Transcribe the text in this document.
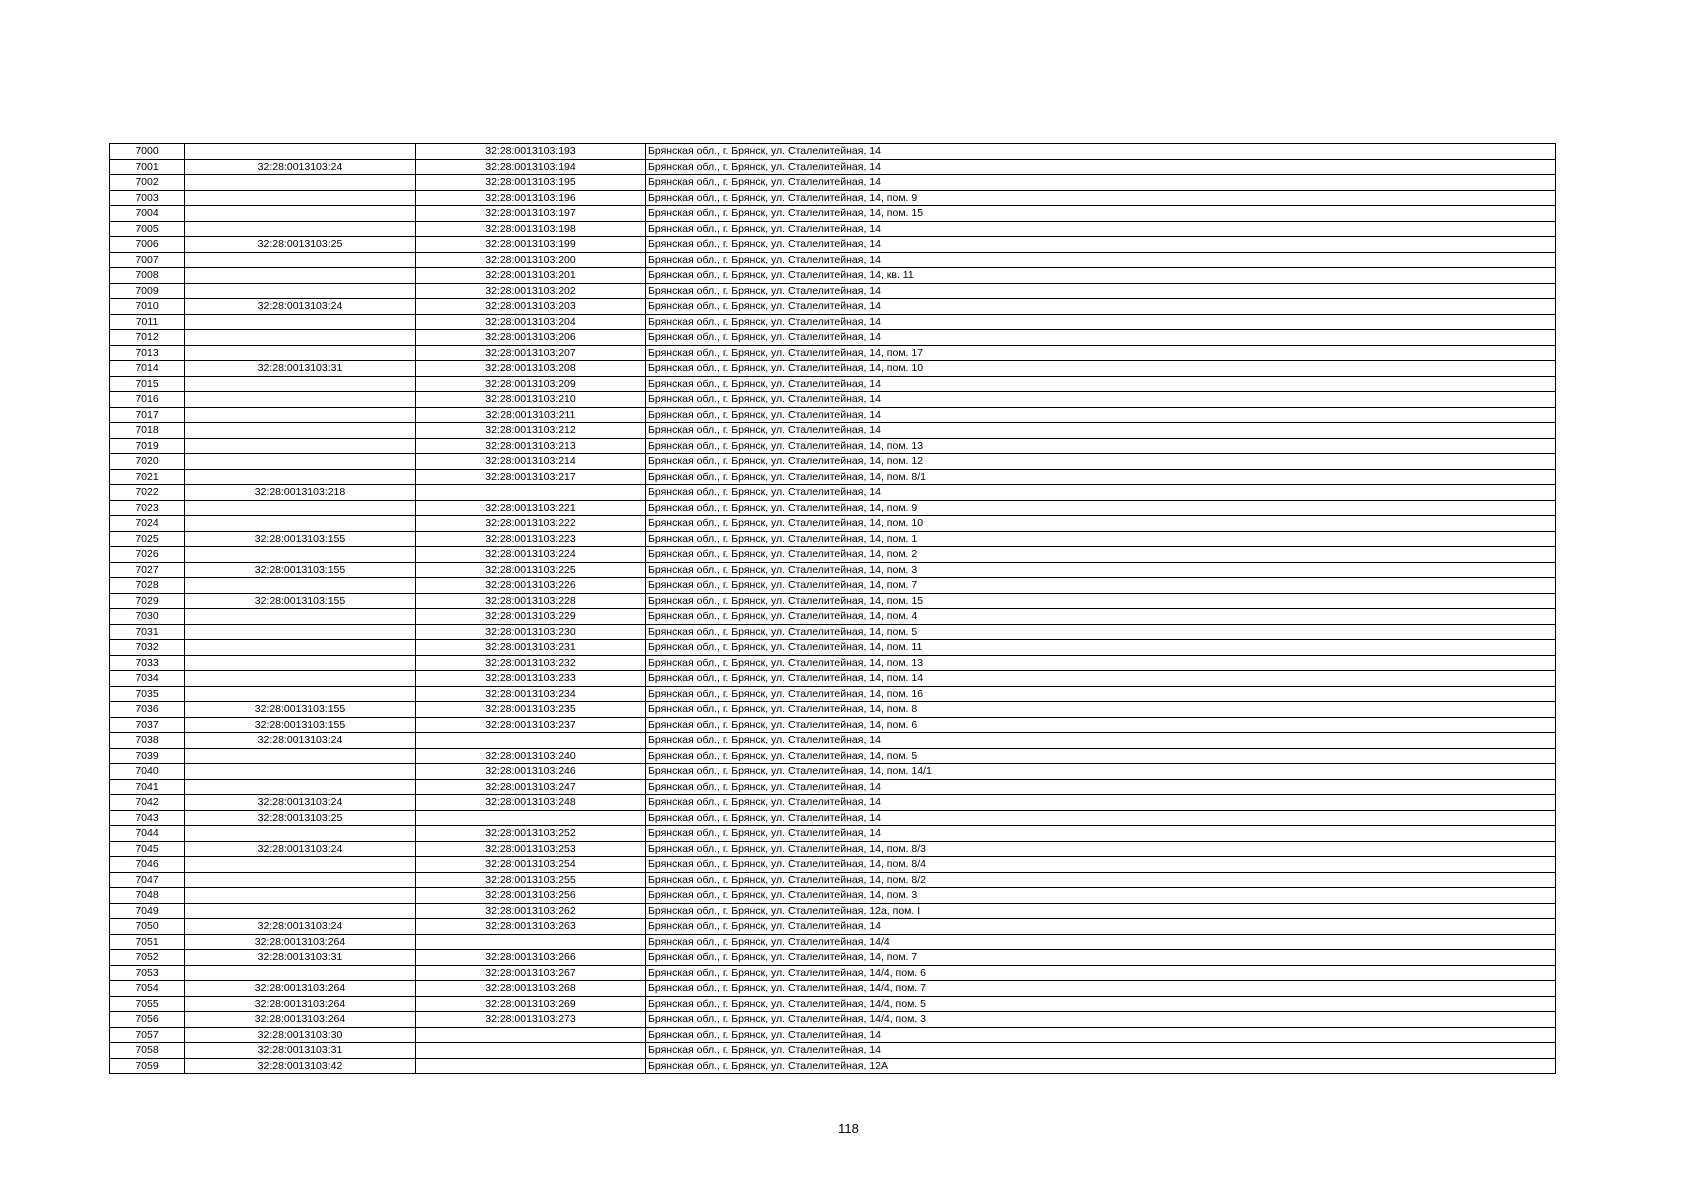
7000		32:28:0013103:193	Брянская обл., г. Брянск, ул. Сталелитейная, 14
7001	32:28:0013103:24	32:28:0013103:194	Брянская обл., г. Брянск, ул. Сталелитейная, 14
7002		32:28:0013103:195	Брянская обл., г. Брянск, ул. Сталелитейная, 14
7003		32:28:0013103:196	Брянская обл., г. Брянск, ул. Сталелитейная, 14, пом. 9
7004		32:28:0013103:197	Брянская обл., г. Брянск, ул. Сталелитейная, 14, пом. 15
7005		32:28:0013103:198	Брянская обл., г. Брянск, ул. Сталелитейная, 14
7006	32:28:0013103:25	32:28:0013103:199	Брянская обл., г. Брянск, ул. Сталелитейная, 14
7007		32:28:0013103:200	Брянская обл., г. Брянск, ул. Сталелитейная, 14
7008		32:28:0013103:201	Брянская обл., г. Брянск, ул. Сталелитейная, 14, кв. 11
7009		32:28:0013103:202	Брянская обл., г. Брянск, ул. Сталелитейная, 14
7010	32:28:0013103:24	32:28:0013103:203	Брянская обл., г. Брянск, ул. Сталелитейная, 14
7011		32:28:0013103:204	Брянская обл., г. Брянск, ул. Сталелитейная, 14
7012		32:28:0013103:206	Брянская обл., г. Брянск, ул. Сталелитейная, 14
7013		32:28:0013103:207	Брянская обл., г. Брянск, ул. Сталелитейная, 14, пом. 17
7014	32:28:0013103:31	32:28:0013103:208	Брянская обл., г. Брянск, ул. Сталелитейная, 14, пом. 10
7015		32:28:0013103:209	Брянская обл., г. Брянск, ул. Сталелитейная, 14
7016		32:28:0013103:210	Брянская обл., г. Брянск, ул. Сталелитейная, 14
7017		32:28:0013103:211	Брянская обл., г. Брянск, ул. Сталелитейная, 14
7018		32:28:0013103:212	Брянская обл., г. Брянск, ул. Сталелитейная, 14
7019		32:28:0013103:213	Брянская обл., г. Брянск, ул. Сталелитейная, 14, пом. 13
7020		32:28:0013103:214	Брянская обл., г. Брянск, ул. Сталелитейная, 14, пом. 12
7021		32:28:0013103:217	Брянская обл., г. Брянск, ул. Сталелитейная, 14, пом. 8/1
7022	32:28:0013103:218		Брянская обл., г. Брянск, ул. Сталелитейная, 14
7023		32:28:0013103:221	Брянская обл., г. Брянск, ул. Сталелитейная, 14, пом. 9
7024		32:28:0013103:222	Брянская обл., г. Брянск, ул. Сталелитейная, 14, пом. 10
7025	32:28:0013103:155	32:28:0013103:223	Брянская обл., г. Брянск, ул. Сталелитейная, 14, пом. 1
7026		32:28:0013103:224	Брянская обл., г. Брянск, ул. Сталелитейная, 14, пом. 2
7027	32:28:0013103:155	32:28:0013103:225	Брянская обл., г. Брянск, ул. Сталелитейная, 14, пом. 3
7028		32:28:0013103:226	Брянская обл., г. Брянск, ул. Сталелитейная, 14, пом. 7
7029	32:28:0013103:155	32:28:0013103:228	Брянская обл., г. Брянск, ул. Сталелитейная, 14, пом. 15
7030		32:28:0013103:229	Брянская обл., г. Брянск, ул. Сталелитейная, 14, пом. 4
7031		32:28:0013103:230	Брянская обл., г. Брянск, ул. Сталелитейная, 14, пом. 5
7032		32:28:0013103:231	Брянская обл., г. Брянск, ул. Сталелитейная, 14, пом. 11
7033		32:28:0013103:232	Брянская обл., г. Брянск, ул. Сталелитейная, 14, пом. 13
7034		32:28:0013103:233	Брянская обл., г. Брянск, ул. Сталелитейная, 14, пом. 14
7035		32:28:0013103:234	Брянская обл., г. Брянск, ул. Сталелитейная, 14, пом. 16
7036	32:28:0013103:155	32:28:0013103:235	Брянская обл., г. Брянск, ул. Сталелитейная, 14, пом. 8
7037	32:28:0013103:155	32:28:0013103:237	Брянская обл., г. Брянск, ул. Сталелитейная, 14, пом. 6
7038	32:28:0013103:24		Брянская обл., г. Брянск, ул. Сталелитейная, 14
7039		32:28:0013103:240	Брянская обл., г. Брянск, ул. Сталелитейная, 14, пом. 5
7040		32:28:0013103:246	Брянская обл., г. Брянск, ул. Сталелитейная, 14, пом. 14/1
7041		32:28:0013103:247	Брянская обл., г. Брянск, ул. Сталелитейная, 14
7042	32:28:0013103:24	32:28:0013103:248	Брянская обл., г. Брянск, ул. Сталелитейная, 14
7043	32:28:0013103:25		Брянская обл., г. Брянск, ул. Сталелитейная, 14
7044		32:28:0013103:252	Брянская обл., г. Брянск, ул. Сталелитейная, 14
7045	32:28:0013103:24	32:28:0013103:253	Брянская обл., г. Брянск, ул. Сталелитейная, 14, пом. 8/3
7046		32:28:0013103:254	Брянская обл., г. Брянск, ул. Сталелитейная, 14, пом. 8/4
7047		32:28:0013103:255	Брянская обл., г. Брянск, ул. Сталелитейная, 14, пом. 8/2
7048		32:28:0013103:256	Брянская обл., г. Брянск, ул. Сталелитейная, 14, пом. 3
7049		32:28:0013103:262	Брянская обл., г. Брянск, ул. Сталелитейная, 12а, пом. I
7050	32:28:0013103:24	32:28:0013103:263	Брянская обл., г. Брянск, ул. Сталелитейная, 14
7051	32:28:0013103:264		Брянская обл., г. Брянск, ул. Сталелитейная, 14/4
7052	32:28:0013103:31	32:28:0013103:266	Брянская обл., г. Брянск, ул. Сталелитейная, 14, пом. 7
7053		32:28:0013103:267	Брянская обл., г. Брянск, ул. Сталелитейная, 14/4, пом. 6
7054	32:28:0013103:264	32:28:0013103:268	Брянская обл., г. Брянск, ул. Сталелитейная, 14/4, пом. 7
7055	32:28:0013103:264	32:28:0013103:269	Брянская обл., г. Брянск, ул. Сталелитейная, 14/4, пом. 5
7056	32:28:0013103:264	32:28:0013103:273	Брянская обл., г. Брянск, ул. Сталелитейная, 14/4, пом. 3
7057	32:28:0013103:30		Брянская обл., г. Брянск, ул. Сталелитейная, 14
7058	32:28:0013103:31		Брянская обл., г. Брянск, ул. Сталелитейная, 14
7059	32:28:0013103:42		Брянская обл., г. Брянск, ул. Сталелитейная, 12А
118
